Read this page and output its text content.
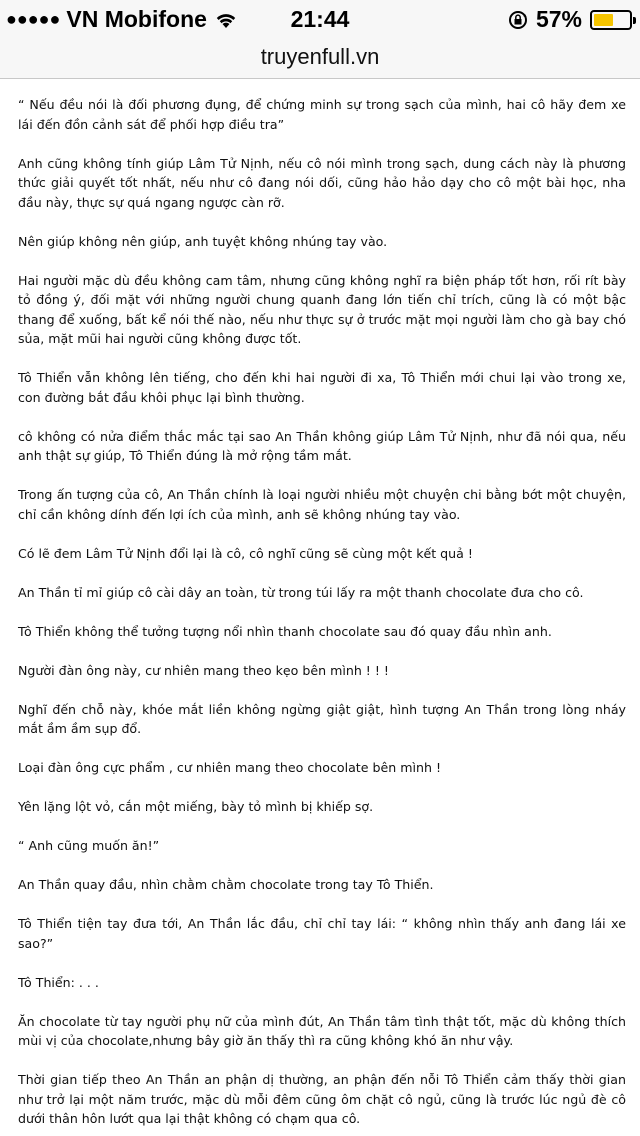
●●●●● VN Mobifone	21:44	57%
truyenfull.vn

“ Nếu đều nói là đối phương đụng, để chứng minh sự trong sạch của mình, hai cô hãy đem xe lái đến đồn cảnh sát để phối hợp điều tra”

Anh cũng không tính giúp Lâm Tử Nịnh, nếu cô nói mình trong sạch, dung cách này là phương thức giải quyết tốt nhất, nếu như cô đang nói dối, cũng hảo hảo dạy cho cô một bài học, nha đầu này, thực sự quá ngang ngược càn rỡ.

Nên giúp không nên giúp, anh tuyệt không nhúng tay vào.

Hai người mặc dù đều không cam tâm, nhưng cũng không nghĩ ra biện pháp tốt hơn, rối rít bày tỏ đồng ý, đối mặt với những người chung quanh đang lớn tiến chỉ trích, cũng là có một bậc thang để xuống, bất kể nói thế nào, nếu như thực sự ở trước mặt mọi người làm cho gà bay chó sủa, mặt mũi hai người cũng không được tốt.

Tô Thiển vẫn không lên tiếng, cho đến khi hai người đi xa, Tô Thiển mới chui lại vào trong xe, con đường bắt đầu khôi phục lại bình thường.

cô không có nửa điểm thắc mắc tại sao An Thần không giúp Lâm Tử Nịnh, như đã nói qua, nếu anh thật sự giúp, Tô Thiển đúng là mở rộng tầm mắt.

Trong ấn tượng của cô, An Thần chính là loại người nhiều một chuyện chi bằng bớt một chuyện, chỉ cần không dính đến lợi ích của mình, anh sẽ không nhúng tay vào.

Có lẽ đem Lâm Tử Nịnh đổi lại là cô, cô nghĩ cũng sẽ cùng một kết quả !

An Thần tỉ mỉ giúp cô cài dây an toàn, từ trong túi lấy ra một thanh chocolate đưa cho cô.

Tô Thiển không thể tưởng tượng nổi nhìn thanh chocolate sau đó quay đầu nhìn anh.

Người đàn ông này, cư nhiên mang theo kẹo bên mình ! ! !

Nghĩ đến chỗ này, khóe mắt liền không ngừng giật giật, hình tượng An Thần trong lòng nháy mắt ầm ầm sụp đổ.

Loại đàn ông cực phẩm , cư nhiên mang theo chocolate bên mình !

Yên lặng lột vỏ, cắn một miếng, bày tỏ mình bị khiếp sợ.

“ Anh cũng muốn ăn!”

An Thần quay đầu, nhìn chằm chằm chocolate trong tay Tô Thiển.

Tô Thiển tiện tay đưa tới, An Thần lắc đầu, chỉ chỉ tay lái: “ không nhìn thấy anh đang lái xe sao?”

Tô Thiển: . . .

Ăn chocolate từ tay người phụ nữ của mình đút, An Thần tâm tình thật tốt, mặc dù không thích mùi vị của chocolate,nhưng bây giờ ăn thấy thì ra cũng không khó ăn như vậy.

Thời gian tiếp theo An Thần an phận dị thường, an phận đến nỗi Tô Thiển cảm thấy thời gian như trở lại một năm trước, mặc dù mỗi đêm cũng ôm chặt cô ngủ, cũng là trước lúc ngủ đè cô dưới thân hôn lướt qua lại thật không có chạm qua cô.
